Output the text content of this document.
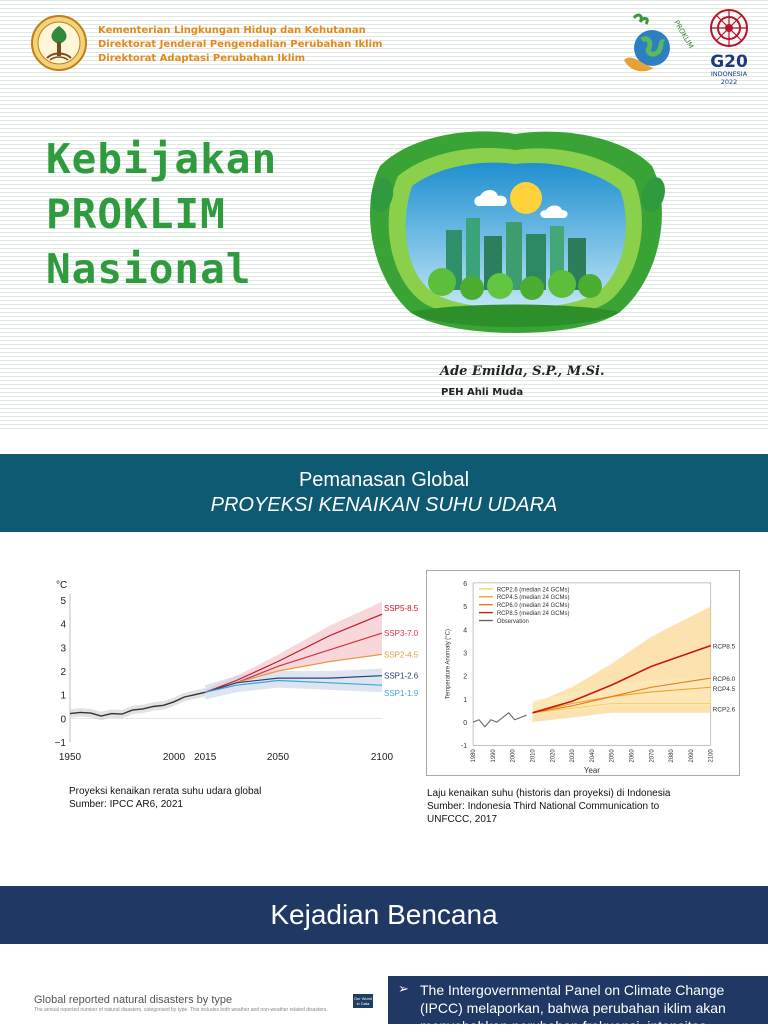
Kementerian Lingkungan Hidup dan Kehutanan
Direktorat Jenderal Pengendalian Perubahan Iklim
Direktorat Adaptasi Perubahan Iklim
PROKLIM
G20
INDONESIA
2022
Kebijakan
PROKLIM
Nasional
Ade Emilda, S.P., M.Si.
PEH Ahli Muda
Pemanasan Global
PROYEKSI KENAIKAN SUHU UDARA
−1
0
1
2
3
4
5
°C
1950	2000 2015	2050	2100
SSP5-8.5
SSP3-7.0
SSP2-4.5
SSP1-2.6
SSP1-1.9
-1
0
1
2
3
4
5
6
1980 1990 2000 2010 2020 2030 2040 2050 2060 2070 2080 2090 2100
Year
Temperature Anomaly (°C)
RCP2.6
RCP4.5
RCP6.0
RCP8.5
RCP2.6 (median 24 GCMs)
RCP4.5 (median 24 GCMs)
RCP6.0 (median 24 GCMs)
RCP8.5 (median 24 GCMs)
Observation
Proyeksi kenaikan rerata suhu udara global
Sumber: IPCC AR6, 2021
Laju kenaikan suhu (historis dan proyeksi) di Indonesia
Sumber: Indonesia Third National Communication to
UNFCCC, 2017
Kejadian Bencana
Global reported natural disasters by type
The annual reported number of natural disasters, categorised by type. This includes both weather and non-weather related disasters.
Our World in Data
➢ The Intergovernmental Panel on Climate Change
(IPCC) melaporkan, bahwa perubahan iklim akan
menyebabkan perubahan frekuensi, intensitas
